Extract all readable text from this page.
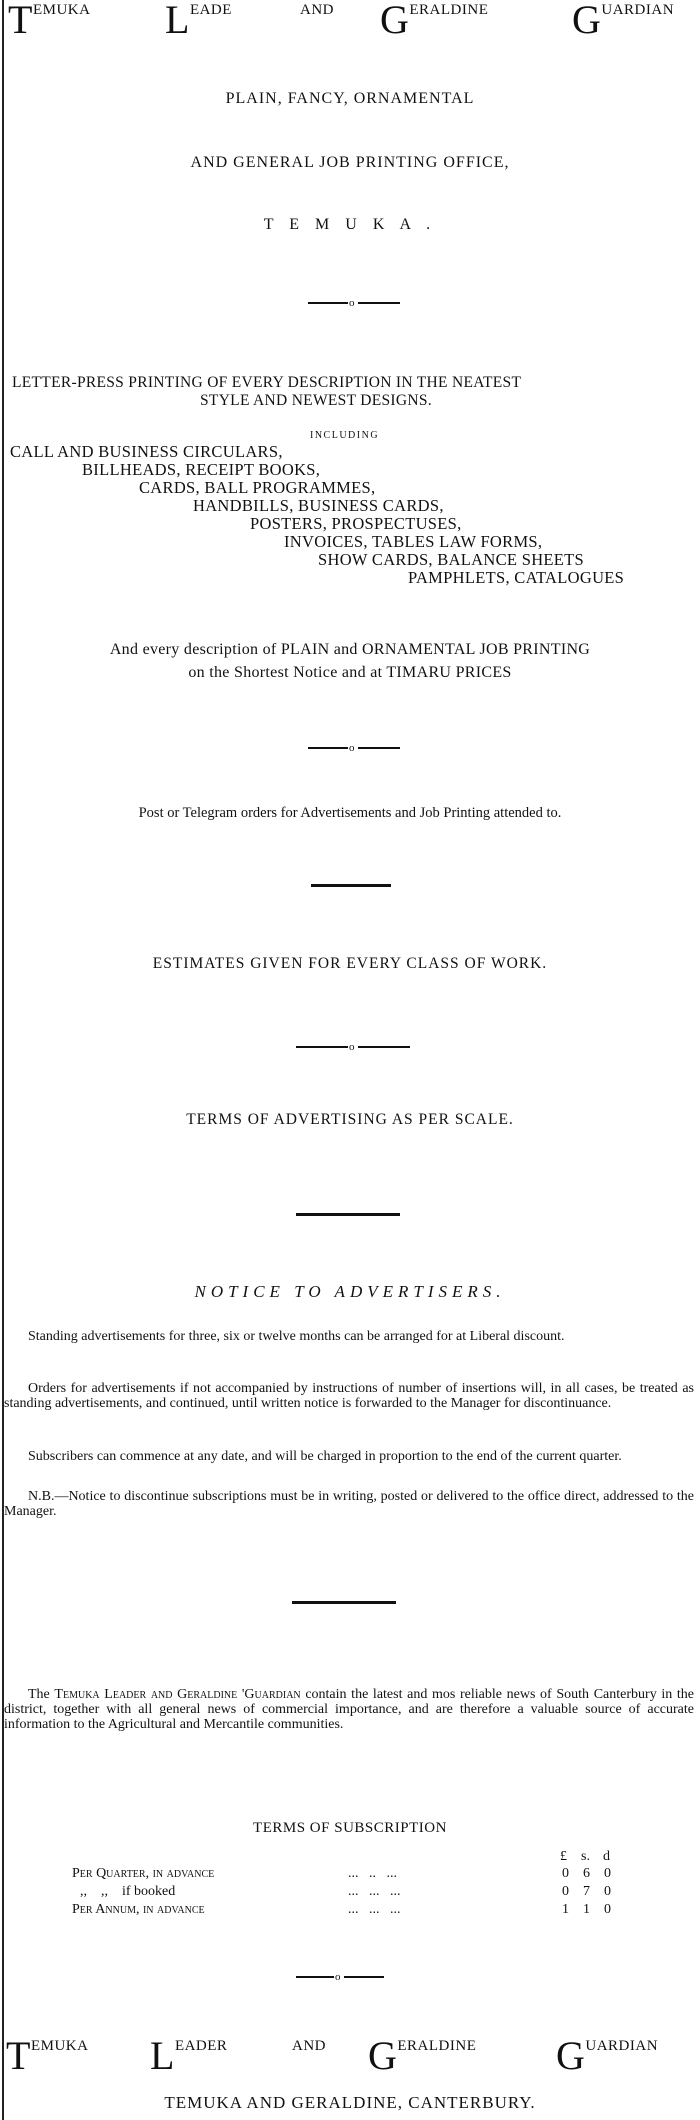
TEMUKA LEADE	AND GERALDINE GUARDIAN
PLAIN, FANCY, ORNAMENTAL
AND GENERAL JOB PRINTING OFFICE,
T E M U K A .
o
LETTER-PRESS PRINTING OF EVERY DESCRIPTION IN THE NEATEST
STYLE AND NEWEST DESIGNS.
INCLUDING
CALL AND BUSINESS CIRCULARS,
BILLHEADS, RECEIPT BOOKS,
CARDS, BALL PROGRAMMES,
HANDBILLS, BUSINESS CARDS,
POSTERS, PROSPECTUSES,
INVOICES, TABLES LAW FORMS,
SHOW CARDS, BALANCE SHEETS
PAMPHLETS, CATALOGUES
And every description of PLAIN and ORNAMENTAL JOB PRINTING
on the Shortest Notice and at TIMARU PRICES
o
Post or Telegram orders for Advertisements and Job Printing attended to.
ESTIMATES GIVEN FOR EVERY CLASS OF WORK.
o
TERMS OF ADVERTISING AS PER SCALE.
NOTICE TO ADVERTISERS.
Standing advertisements for three, six or twelve months can be arranged for at Liberal discount.
Orders for advertisements if not accompanied by instructions of number of insertions will, in all cases, be treated as standing advertisements, and continued, until written notice is forwarded to the Manager for discontinuance.
Subscribers can commence at any date, and will be charged in proportion to the end of the current quarter.
N.B.—Notice to discontinue subscriptions must be in writing, posted or delivered to the office direct, addressed to the Manager.
The Temuka Leader and Geraldine 'Guardian contain the latest and mos reliable news of South Canterbury in the district, together with all general news of commercial importance, and are therefore a valuable source of accurate information to the Agricultural and Mercantile communities.
TERMS OF SUBSCRIPTION
£ s. d
Per Quarter, in advance	...   ..   ...	0 6 0
,,    ,,    if booked	...   ...   ...	0 7 0
Per Annum, in advance	...   ...   ...	1 1 0
o
TEMUKA LEADER	AND GERALDINE GUARDIAN
TEMUKA AND GERALDINE, CANTERBURY.
